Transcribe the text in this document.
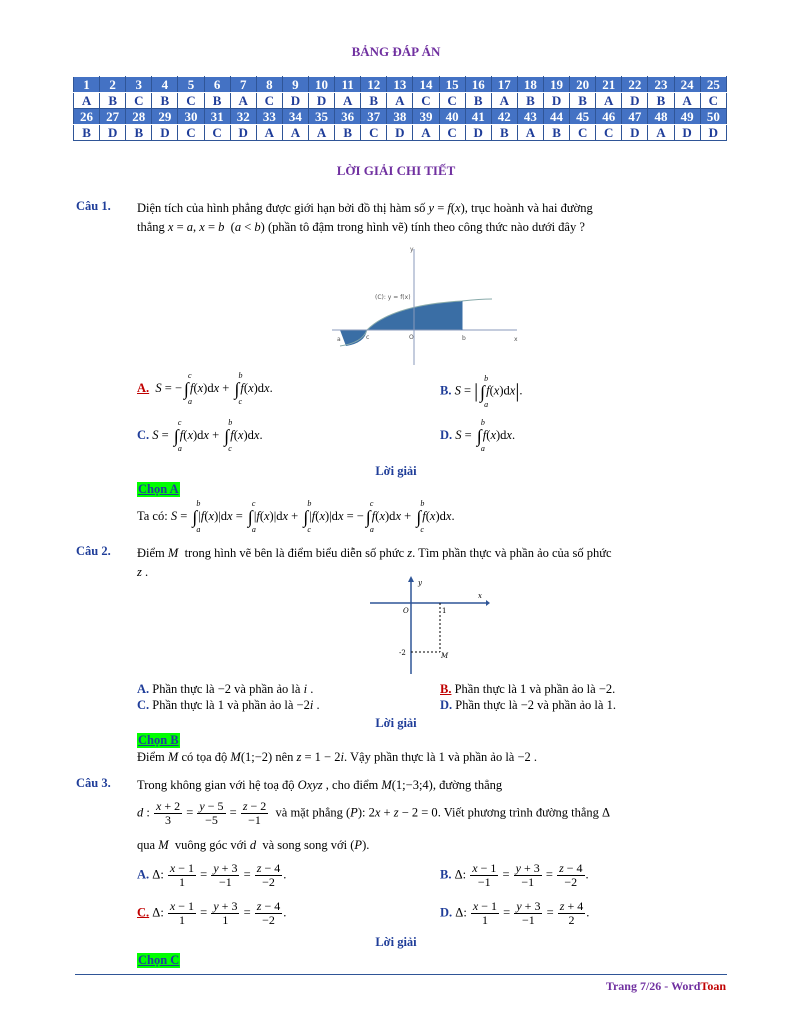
BẢNG ĐÁP ÁN
1	2	3	4	5	6	7	8	9	10	11	12	13	14	15	16	17	18	19	20	21	22	23	24	25
A	B	C	B	C	B	A	C	D	D	A	B	A	C	C	B	A	B	D	B	A	D	B	A	C
26	27	28	29	30	31	32	33	34	35	36	37	38	39	40	41	42	43	44	45	46	47	48	49	50
B	D	B	D	C	C	D	A	A	A	B	C	D	A	C	D	B	A	B	C	C	D	A	D	D
LỜI GIẢI CHI TIẾT
Câu 1. Diện tích của hình phẳng được giới hạn bởi đồ thị hàm số y = f(x), trục hoành và hai đường
thẳng x = a, x = b  (a < b) (phần tô đậm trong hình vẽ) tính theo công thức nào dưới đây ?
(C): y = f(x)
y
x
a	c	O	b
A. S = − ∫
c
a
f(x)dx + ∫
b
c
f(x)dx.	B. S = | ∫
b
a
f(x)dx|.
C. S = ∫
c
a
f(x)dx + ∫
b
c
f(x)dx.	D. S = ∫
b
a
f(x)dx.
Lời giải
Chọn A
Ta có: S = ∫
b
a
|f(x)|dx = ∫
c
a
|f(x)|dx + ∫
b
c
|f(x)|dx = − ∫
c
a
f(x)dx + ∫
b
c
f(x)dx.
Câu 2. Điểm M trong hình vẽ bên là điểm biểu diễn số phức z. Tìm phần thực và phần ảo của số phức
z .
y
x
O	1
-2	M
A. Phần thực là −2 và phần ảo là i .	B. Phần thực là 1 và phần ảo là −2.
C. Phần thực là 1 và phần ảo là −2i .	D. Phần thực là −2 và phần ảo là 1.
Lời giải
Chọn B
Điểm M có tọa độ M(1;−2) nên z = 1 − 2i. Vậy phần thực là 1 và phần ảo là −2 .
Câu 3. Trong không gian với hệ toạ độ Oxyz , cho điểm M(1;−3;4), đường thẳng
d : $\frac{x + 2}{3} = \frac{y - 5}{-5} = \frac{z - 2}{-1}$ và mặt phẳng (P): 2x + z − 2 = 0. Viết phương trình đường thẳng Δ
qua M vuông góc với d và song song với (P).
A. Δ: $\frac{x - 1}{1} = \frac{y + 3}{-1} = \frac{z - 4}{-2}$ .	B. Δ: $\frac{x - 1}{-1} = \frac{y + 3}{-1} = \frac{z - 4}{-2}$ .
C. Δ: $\frac{x - 1}{1} = \frac{y + 3}{1} = \frac{z - 4}{-2}$ .	D. Δ: $\frac{x - 1}{1} = \frac{y + 3}{-1} = \frac{z + 4}{2}$ .
Lời giải
Chọn C
Trang 7/26 - WordToan
